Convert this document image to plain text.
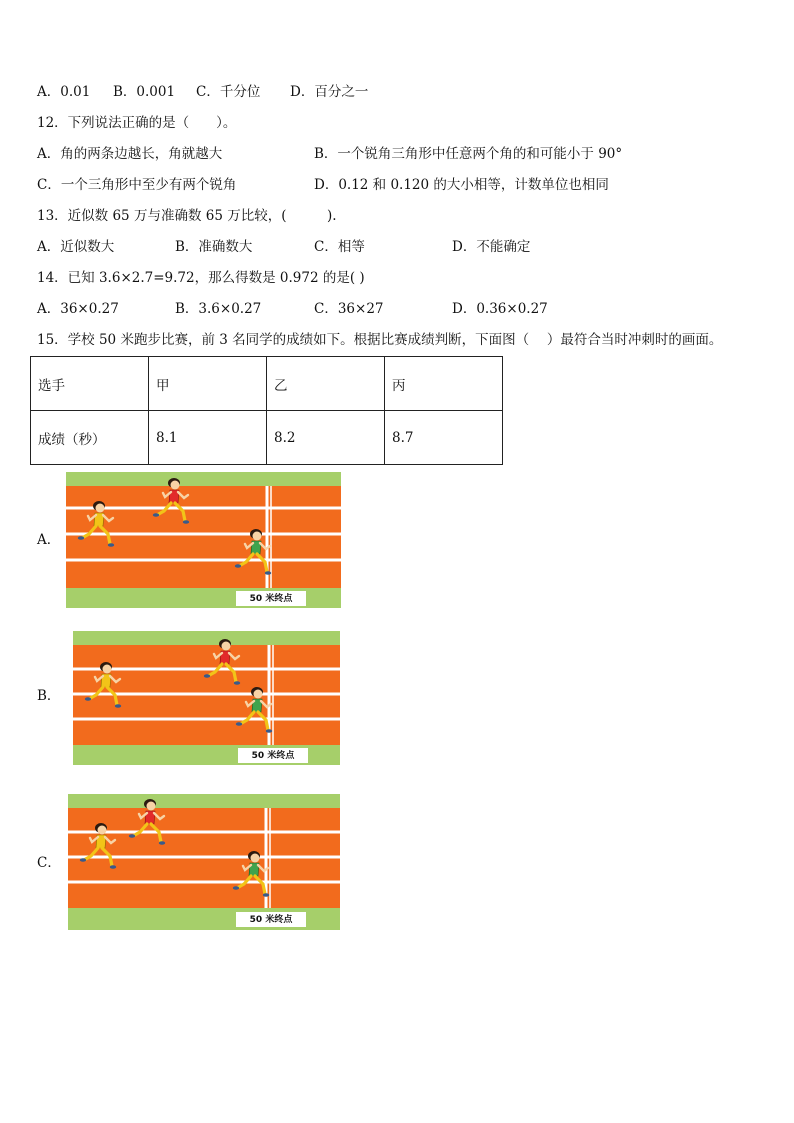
A．0.01 B．0.001 C．千分位 D．百分之一
12．下列说法正确的是（　　）。
A．角的两条边越长，角就越大	B．一个锐角三角形中任意两个角的和可能小于 90°
C．一个三角形中至少有两个锐角	D．0.12 和 0.120 的大小相等，计数单位也相同
13．近似数 65 万与准确数 65 万比较，(　　　).
A．近似数大	B．准确数大	C．相等	D．不能确定
14．已知 3.6×2.7=9.72，那么得数是 0.972 的是( )
A．36×0.27	B．3.6×0.27	C．36×27	D．0.36×0.27
15．学校 50 米跑步比赛，前 3 名同学的成绩如下。根据比赛成绩判断，下面图（　 ）最符合当时冲刺时的画面。
选手	甲	乙	丙
成绩（秒）	8.1	8.2	8.7
A．
B．
C．
50 米终点
50 米终点
50 米终点
